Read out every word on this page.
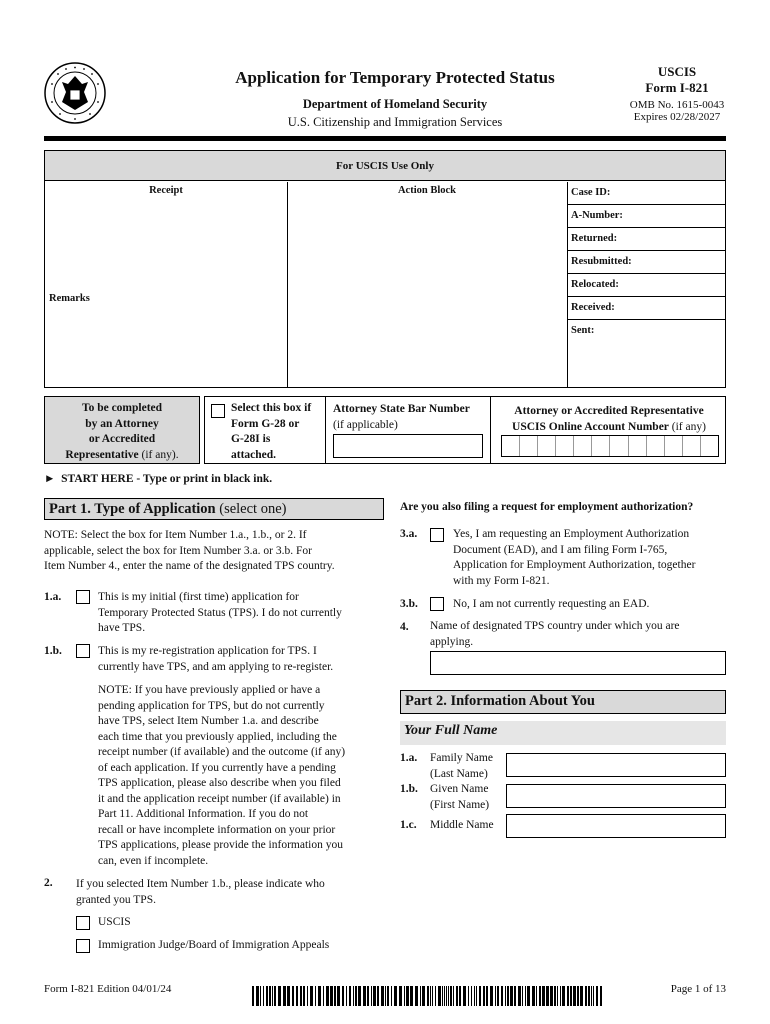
Application for Temporary Protected Status
Department of Homeland Security
U.S. Citizenship and Immigration Services
USCIS
Form I-821
OMB No. 1615-0043
Expires 02/28/2027
For USCIS Use Only
Receipt	Action Block
Remarks
Case ID:
A-Number:
Returned:
Resubmitted:
Relocated:
Received:
Sent:
To be completed
by an Attorney
or Accredited
Representative (if any).
Select this box if
Form G-28 or
G-28I is
attached.
Attorney State Bar Number
(if applicable)
Attorney or Accredited Representative
USCIS Online Account Number (if any)
► START HERE - Type or print in black ink.
Part 1. Type of Application (select one)
NOTE: Select the box for Item Number 1.a., 1.b., or 2. If
applicable, select the box for Item Number 3.a. or 3.b. For
Item Number 4., enter the name of the designated TPS country.
1.a.	This is my initial (first time) application for
Temporary Protected Status (TPS). I do not currently
have TPS.
1.b.	This is my re-registration application for TPS. I
currently have TPS, and am applying to re-register.
NOTE: If you have previously applied or have a
pending application for TPS, but do not currently
have TPS, select Item Number 1.a. and describe
each time that you previously applied, including the
receipt number (if available) and the outcome (if any)
of each application. If you currently have a pending
TPS application, please also describe when you filed
it and the application receipt number (if available) in
Part 11. Additional Information. If you do not
recall or have incomplete information on your prior
TPS applications, please provide the information you
can, even if incomplete.
2. If you selected Item Number 1.b., please indicate who
granted you TPS.
USCIS
Immigration Judge/Board of Immigration Appeals
Are you also filing a request for employment authorization?
3.a.	Yes, I am requesting an Employment Authorization
Document (EAD), and I am filing Form I-765,
Application for Employment Authorization, together
with my Form I-821.
3.b.	No, I am not currently requesting an EAD.
4. Name of designated TPS country under which you are
applying.
Part 2. Information About You
Your Full Name
1.a. Family Name
(Last Name)
1.b. Given Name
(First Name)
1.c. Middle Name
Form I-821 Edition 04/01/24	Page 1 of 13
